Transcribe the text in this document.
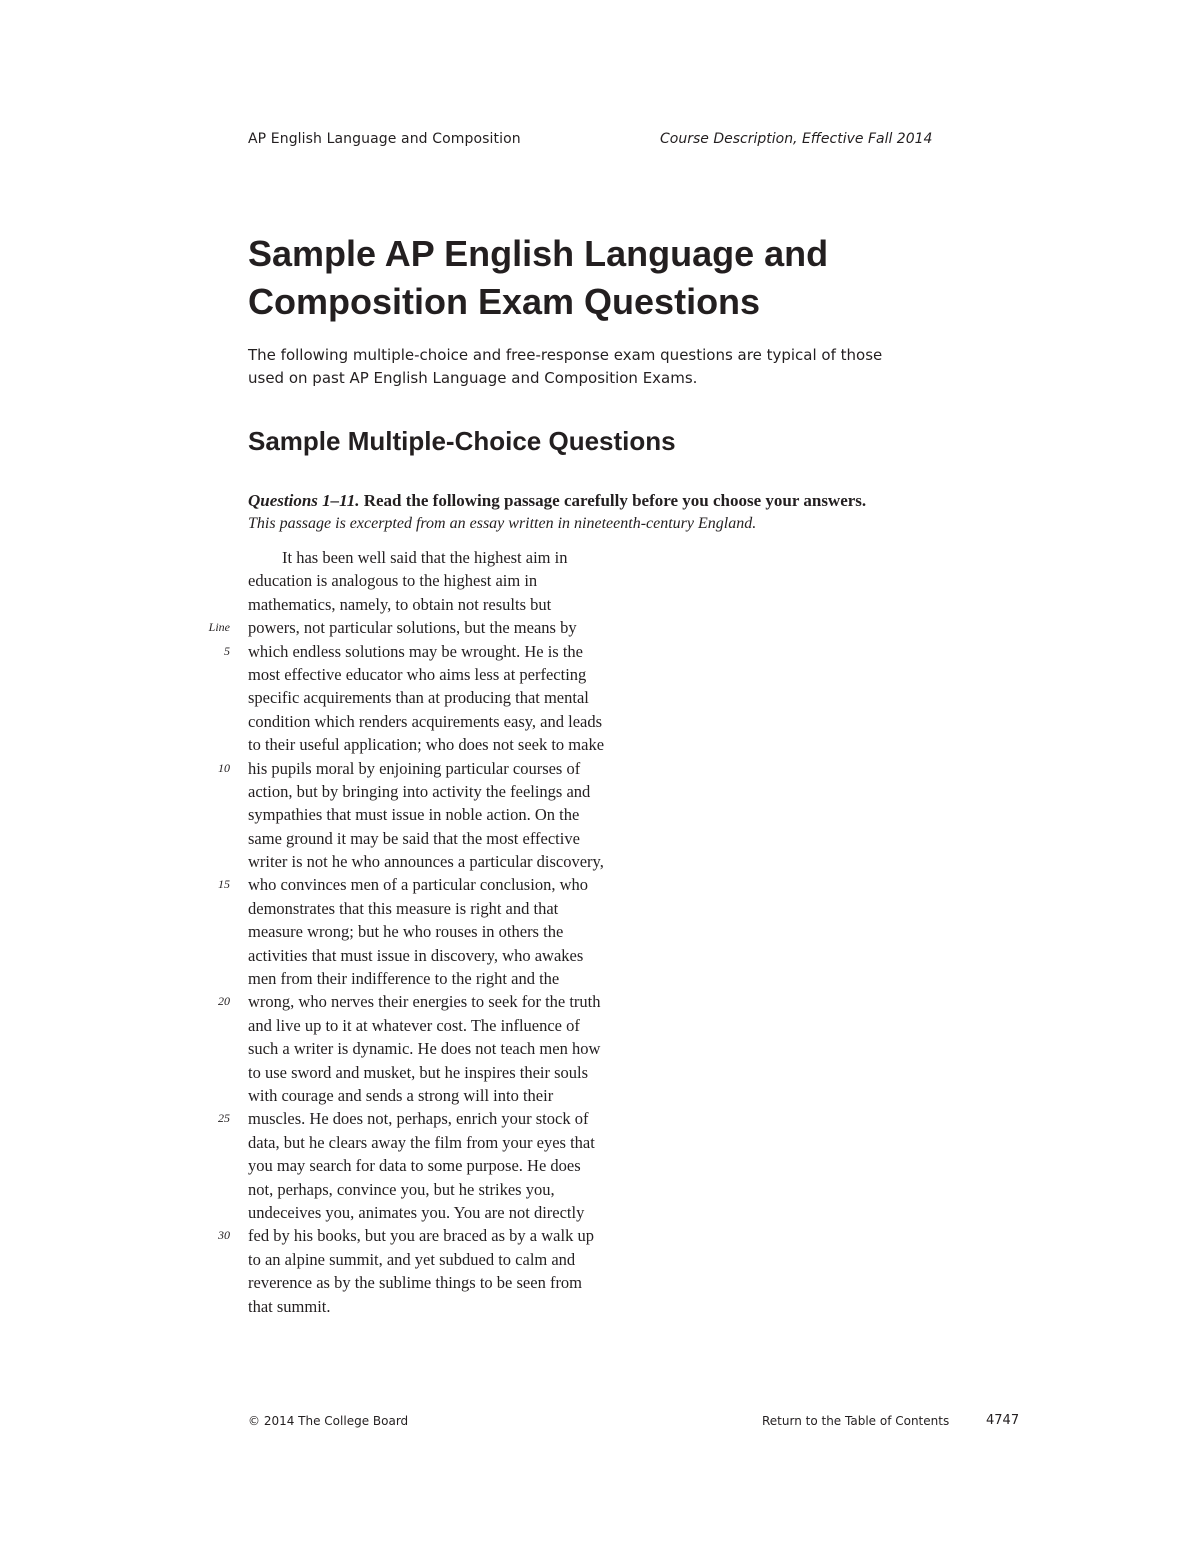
AP English Language and Composition	Course Description, Effective Fall 2014
Sample AP English Language and
Composition Exam Questions

The following multiple-choice and free-response exam questions are typical of those
used on past AP English Language and Composition Exams.

Sample Multiple-Choice Questions
Questions 1–11. Read the following passage carefully before you choose your answers.
This passage is excerpted from an essay written in nineteenth-century England.
It has been well said that the highest aim in
education is analogous to the highest aim in
mathematics, namely, to obtain not results but
Line powers, not particular solutions, but the means by
5 which endless solutions may be wrought. He is the
most effective educator who aims less at perfecting
specific acquirements than at producing that mental
condition which renders acquirements easy, and leads
to their useful application; who does not seek to make
10 his pupils moral by enjoining particular courses of
action, but by bringing into activity the feelings and
sympathies that must issue in noble action. On the
same ground it may be said that the most effective
writer is not he who announces a particular discovery,
15 who convinces men of a particular conclusion, who
demonstrates that this measure is right and that
measure wrong; but he who rouses in others the
activities that must issue in discovery, who awakes
men from their indifference to the right and the
20 wrong, who nerves their energies to seek for the truth
and live up to it at whatever cost. The influence of
such a writer is dynamic. He does not teach men how
to use sword and musket, but he inspires their souls
with courage and sends a strong will into their
25 muscles. He does not, perhaps, enrich your stock of
data, but he clears away the film from your eyes that
you may search for data to some purpose. He does
not, perhaps, convince you, but he strikes you,
undeceives you, animates you. You are not directly
30 fed by his books, but you are braced as by a walk up
to an alpine summit, and yet subdued to calm and
reverence as by the sublime things to be seen from
that summit.
© 2014 The College Board	Return to the Table of Contents	4747
